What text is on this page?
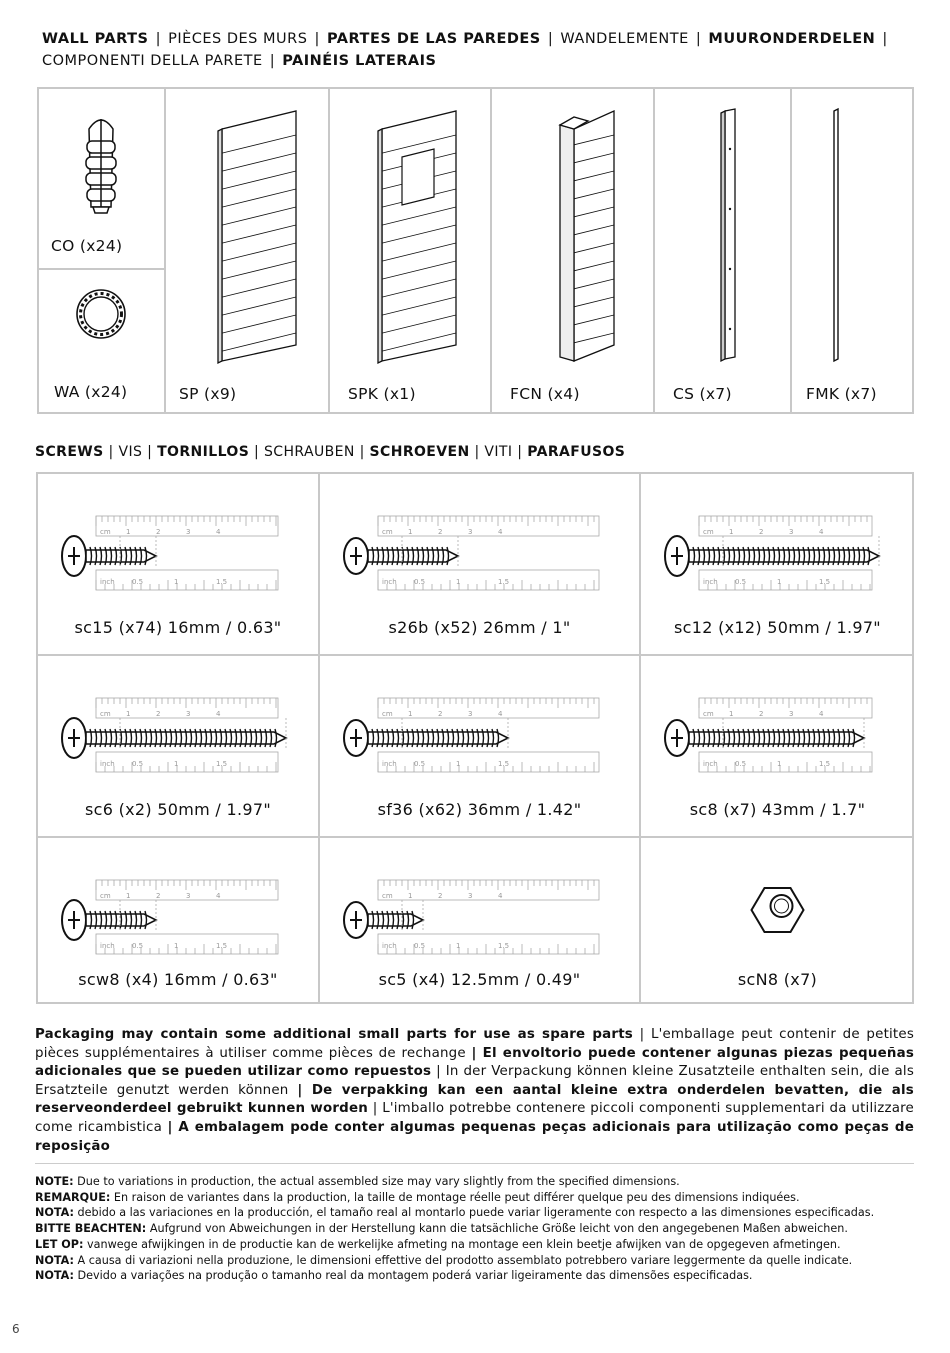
WALL PARTS | PIÈCES DES MURS | PARTES DE LAS PAREDES | WANDELEMENTE | MUURONDERDELEN | COMPONENTI DELLA PARETE | PAINÉIS LATERAIS
CO (x24)
WA (x24)	SP (x9)	SPK (x1)	FCN (x4)	CS (x7)	FMK (x7)
SCREWS | VIS | TORNILLOS | SCHRAUBEN | SCHROEVEN | VITI | PARAFUSOS
cm 1	2	3	4
inch 0.5	1	1.5
sc15 (x74) 16mm / 0.63"
cm 1	2	3	4
inch 0.5	1	1.5
s26b (x52) 26mm / 1"
cm 1	2	3	4
inch 0.5	1	1.5
sc12 (x12) 50mm / 1.97"
cm 1	2	3	4
inch 0.5	1	1.5
sc6 (x2) 50mm / 1.97"
cm 1	2	3	4
inch 0.5	1	1.5
sf36 (x62) 36mm / 1.42"
cm 1	2	3	4
inch 0.5	1	1.5
sc8 (x7) 43mm / 1.7"
cm 1	2	3	4
inch 0.5	1	1.5
scw8 (x4) 16mm / 0.63"
cm 1	2	3	4
inch 0.5	1	1.5
sc5 (x4) 12.5mm / 0.49"	scN8 (x7)
Packaging may contain some additional small parts for use as spare parts | L'emballage peut contenir de petites pièces supplémentaires à utiliser comme pièces de rechange | El envoltorio puede contener algunas piezas pequeñas adicionales que se pueden utilizar como repuestos | In der Verpackung können kleine Zusatzteile enthalten sein, die als Ersatzteile genutzt werden können | De verpakking kan een aantal kleine extra onderdelen bevatten, die als reserveonderdeel gebruikt kunnen worden | L'imballo potrebbe contenere piccoli componenti supplementari da utilizzare come ricambistica | A embalagem pode conter algumas pequenas peças adicionais para utilização como peças de reposição
NOTE: Due to variations in production, the actual assembled size may vary slightly from the specified dimensions.
REMARQUE: En raison de variantes dans la production, la taille de montage réelle peut différer quelque peu des dimensions indiquées.
NOTA: debido a las variaciones en la producción, el tamaño real al montarlo puede variar ligeramente con respecto a las dimensiones especificadas.
BITTE BEACHTEN: Aufgrund von Abweichungen in der Herstellung kann die tatsächliche Größe leicht von den angegebenen Maßen abweichen.
LET OP: vanwege afwijkingen in de productie kan de werkelijke afmeting na montage een klein beetje afwijken van de opgegeven afmetingen.
NOTA: A causa di variazioni nella produzione, le dimensioni effettive del prodotto assemblato potrebbero variare leggermente da quelle indicate.
NOTA: Devido a variações na produção o tamanho real da montagem poderá variar ligeiramente das dimensões especificadas.
6
